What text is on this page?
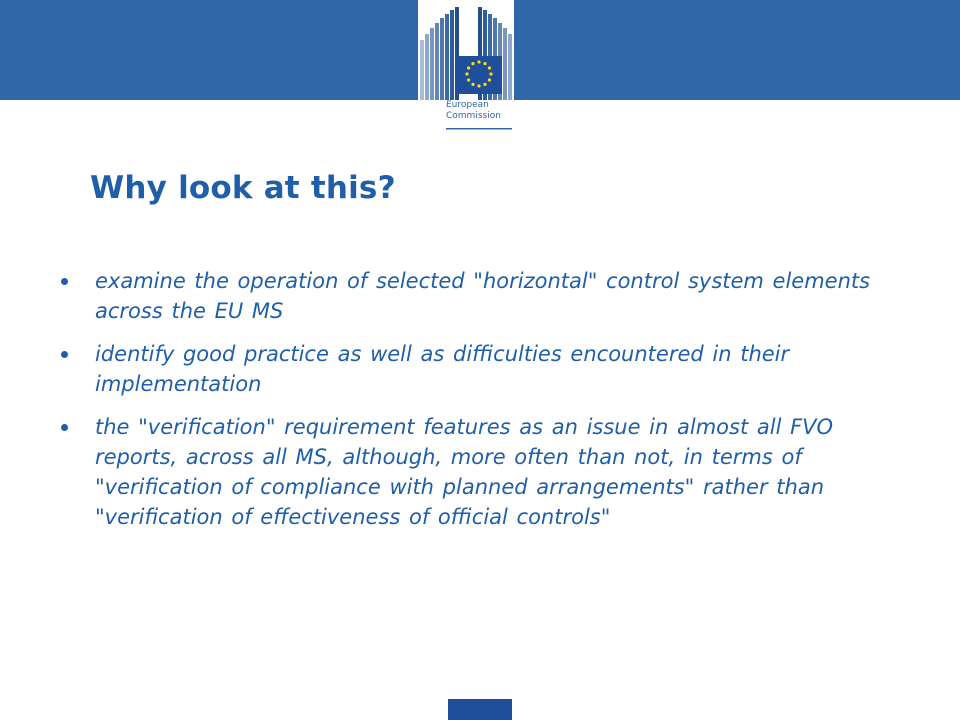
European
Commission
Why look at this?
examine the operation of selected "horizontal" control system elements across the EU MS
identify good practice as well as difficulties encountered in their implementation
the "verification" requirement features as an issue in almost all FVO reports, across all MS, although, more often than not, in terms of "verification of compliance with planned arrangements" rather than "verification of effectiveness of official controls"
